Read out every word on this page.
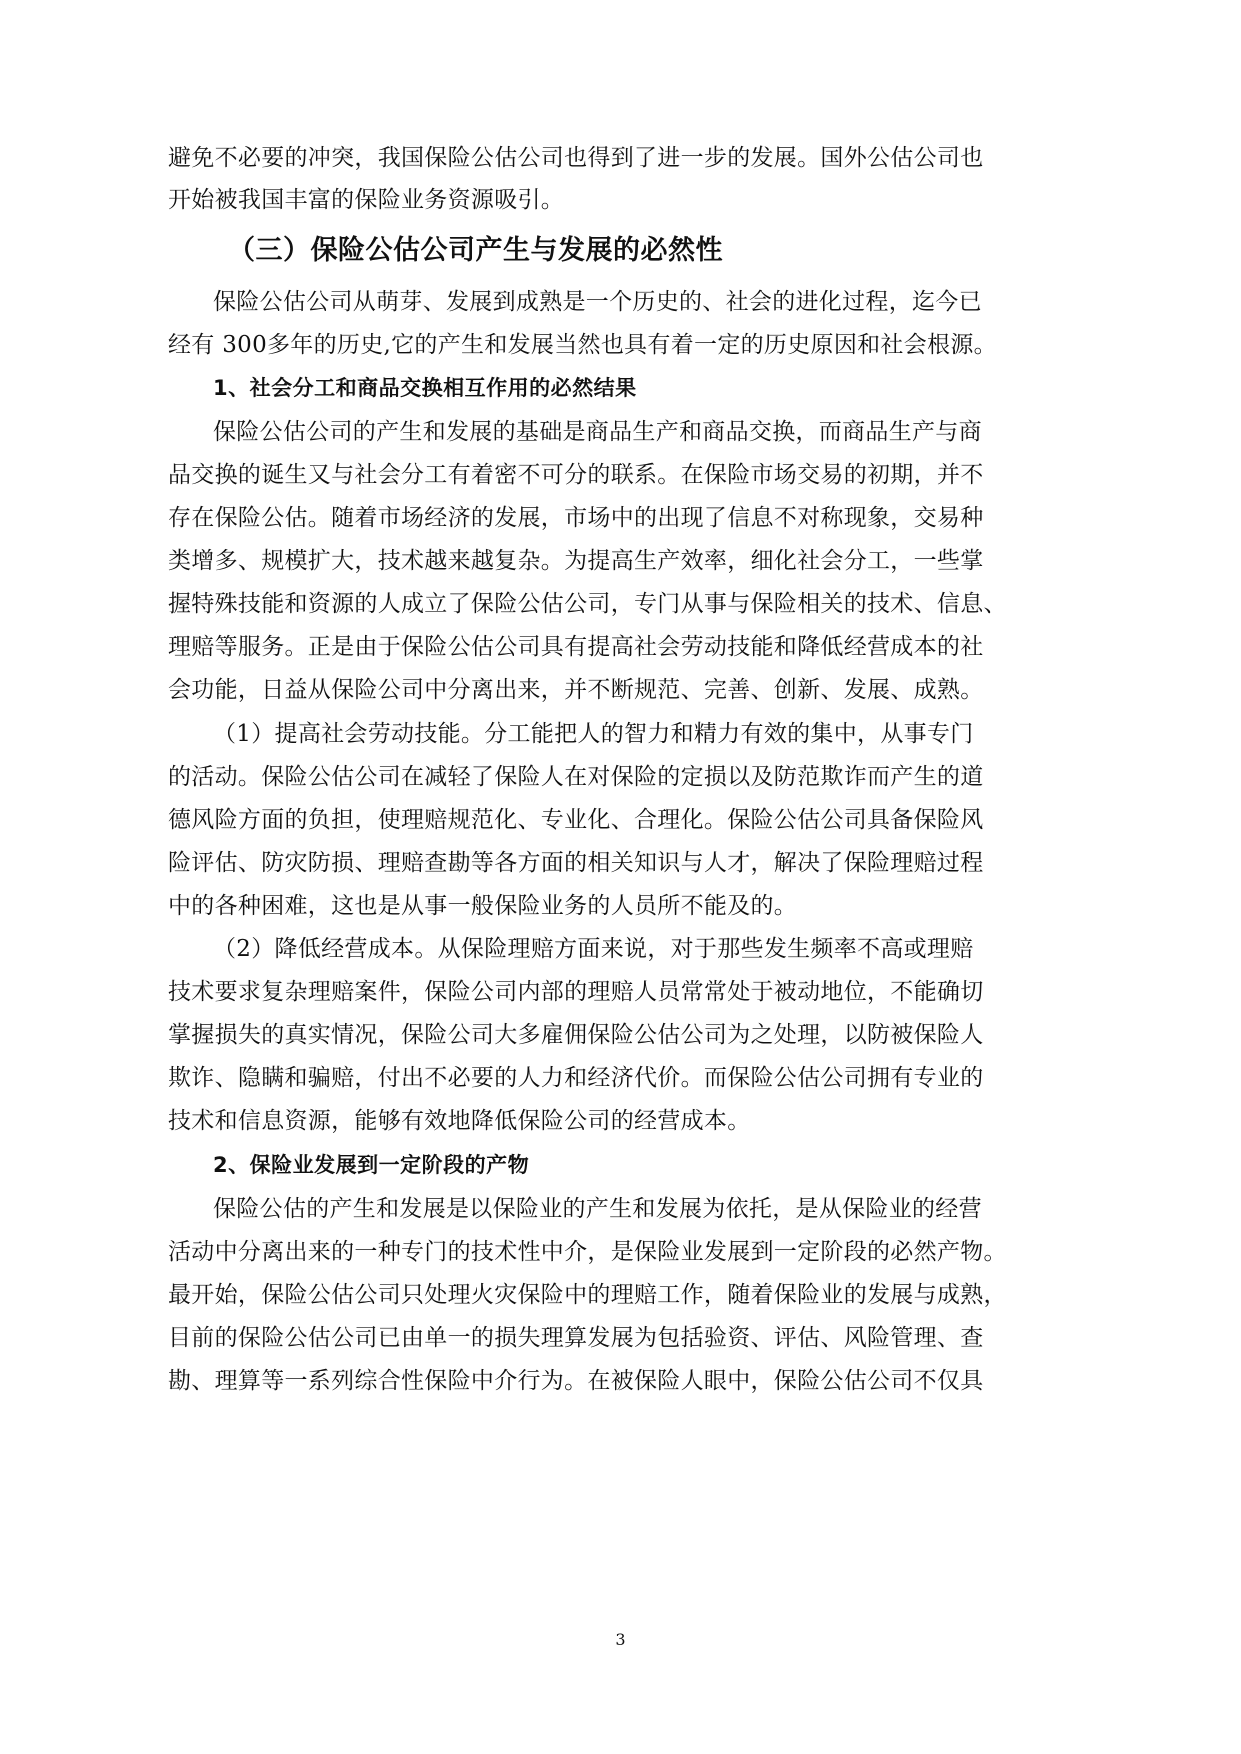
避免不必要的冲突，我国保险公估公司也得到了进一步的发展。国外公估公司也
开始被我国丰富的保险业务资源吸引。
（三）保险公估公司产生与发展的必然性
保险公估公司从萌芽、发展到成熟是一个历史的、社会的进化过程，迄今已
经有 300多年的历史,它的产生和发展当然也具有着一定的历史原因和社会根源。
1、社会分工和商品交换相互作用的必然结果
保险公估公司的产生和发展的基础是商品生产和商品交换，而商品生产与商
品交换的诞生又与社会分工有着密不可分的联系。在保险市场交易的初期，并不
存在保险公估。随着市场经济的发展，市场中的出现了信息不对称现象，交易种
类增多、规模扩大，技术越来越复杂。为提高生产效率，细化社会分工，一些掌
握特殊技能和资源的人成立了保险公估公司，专门从事与保险相关的技术、信息、
理赔等服务。正是由于保险公估公司具有提高社会劳动技能和降低经营成本的社
会功能，日益从保险公司中分离出来，并不断规范、完善、创新、发展、成熟。
（1）提高社会劳动技能。分工能把人的智力和精力有效的集中，从事专门
的活动。保险公估公司在减轻了保险人在对保险的定损以及防范欺诈而产生的道
德风险方面的负担，使理赔规范化、专业化、合理化。保险公估公司具备保险风
险评估、防灾防损、理赔查勘等各方面的相关知识与人才，解决了保险理赔过程
中的各种困难，这也是从事一般保险业务的人员所不能及的。
（2）降低经营成本。从保险理赔方面来说，对于那些发生频率不高或理赔
技术要求复杂理赔案件，保险公司内部的理赔人员常常处于被动地位，不能确切
掌握损失的真实情况，保险公司大多雇佣保险公估公司为之处理，以防被保险人
欺诈、隐瞒和骗赔，付出不必要的人力和经济代价。而保险公估公司拥有专业的
技术和信息资源，能够有效地降低保险公司的经营成本。
2、保险业发展到一定阶段的产物
保险公估的产生和发展是以保险业的产生和发展为依托，是从保险业的经营
活动中分离出来的一种专门的技术性中介，是保险业发展到一定阶段的必然产物。
最开始，保险公估公司只处理火灾保险中的理赔工作，随着保险业的发展与成熟，
目前的保险公估公司已由单一的损失理算发展为包括验资、评估、风险管理、查
勘、理算等一系列综合性保险中介行为。在被保险人眼中，保险公估公司不仅具
3
